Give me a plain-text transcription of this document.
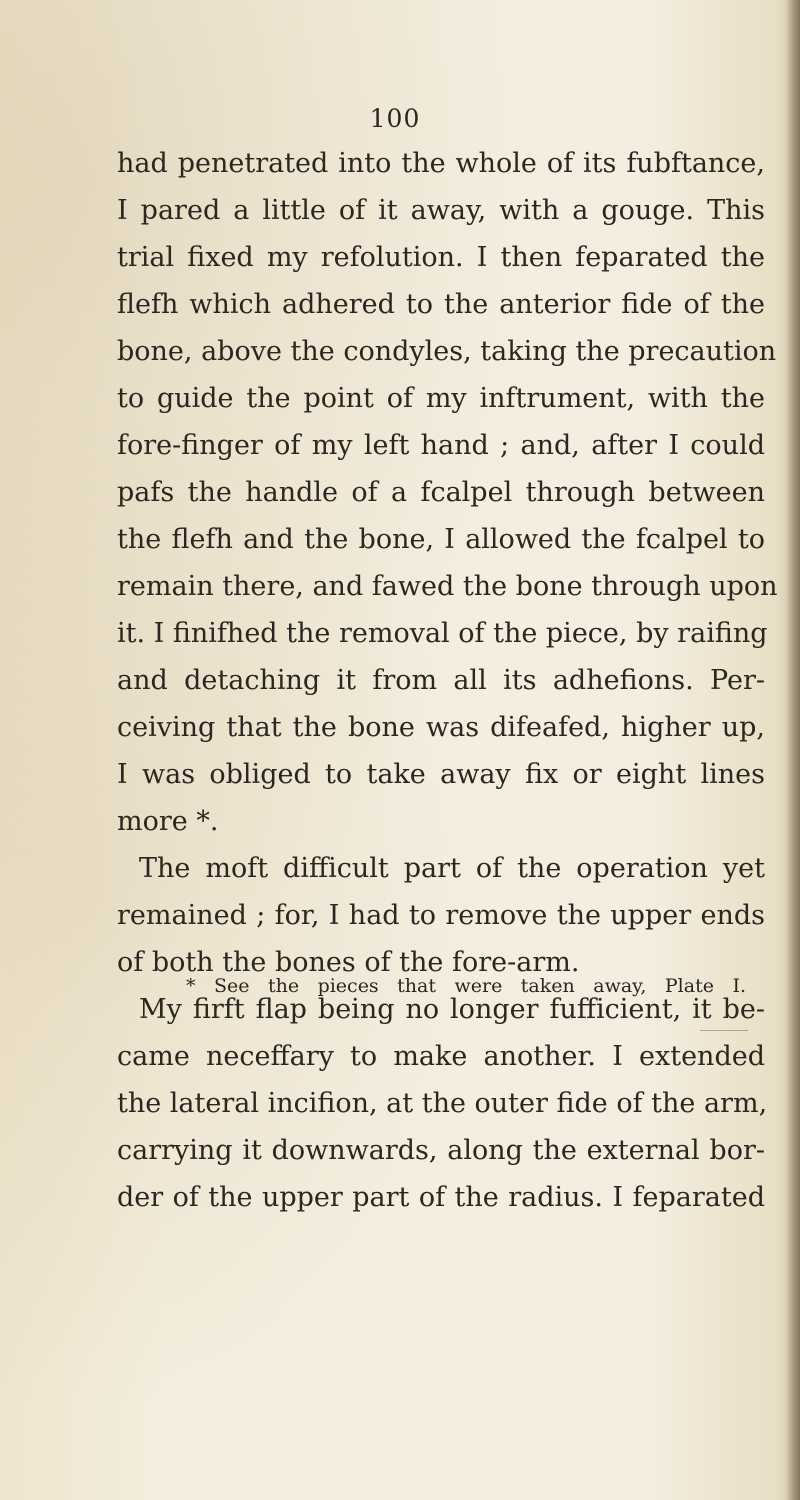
100
had penetrated into the whole of its fubftance,
I pared a little of it away, with a gouge. This
trial fixed my refolution. I then feparated the
flefh which adhered to the anterior fide of the
bone, above the condyles, taking the precaution
to guide the point of my inftrument, with the
fore-finger of my left hand ; and, after I could
pafs the handle of a fcalpel through between
the flefh and the bone, I allowed the fcalpel to
remain there, and fawed the bone through upon
it. I finifhed the removal of the piece, by raifing
and detaching it from all its adhefions. Per-
ceiving that the bone was difeafed, higher up,
I was obliged to take away fix or eight lines
more *.
The moft difficult part of the operation yet
remained ; for, I had to remove the upper ends
of both the bones of the fore-arm.
My firft flap being no longer fufficient, it be-
came neceffary to make another. I extended
the lateral incifion, at the outer fide of the arm,
carrying it downwards, along the external bor-
der of the upper part of the radius. I feparated
* See the pieces that were taken away, Plate I.
